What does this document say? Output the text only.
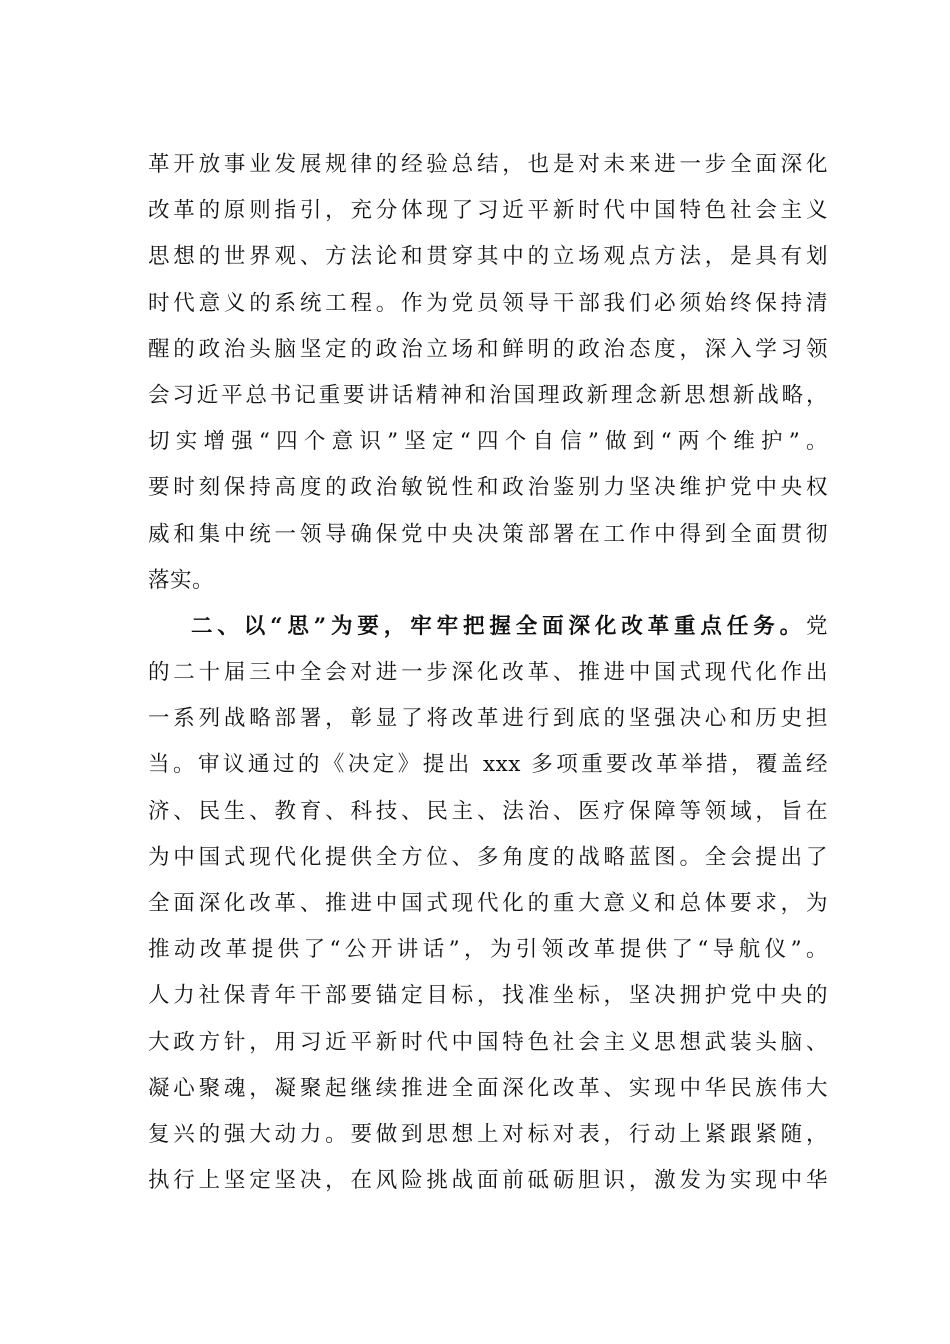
革开放事业发展规律的经验总结，也是对未来进一步全面深化
改革的原则指引，充分体现了习近平新时代中国特色社会主义
思想的世界观、方法论和贯穿其中的立场观点方法，是具有划
时代意义的系统工程。作为党员领导干部我们必须始终保持清
醒的政治头脑坚定的政治立场和鲜明的政治态度，深入学习领
会习近平总书记重要讲话精神和治国理政新理念新思想新战略，
切实增强“四个意识”坚定“四个自信”做到“两个维护”。
要时刻保持高度的政治敏锐性和政治鉴别力坚决维护党中央权
威和集中统一领导确保党中央决策部署在工作中得到全面贯彻
落实。
二、以“思”为要，牢牢把握全面深化改革重点任务。党
的二十届三中全会对进一步深化改革、推进中国式现代化作出
一系列战略部署，彰显了将改革进行到底的坚强决心和历史担
当。审议通过的《决定》提出 xxx 多项重要改革举措，覆盖经
济、民生、教育、科技、民主、法治、医疗保障等领域，旨在
为中国式现代化提供全方位、多角度的战略蓝图。全会提出了
全面深化改革、推进中国式现代化的重大意义和总体要求，为
推动改革提供了“公开讲话”，为引领改革提供了“导航仪”。
人力社保青年干部要锚定目标，找准坐标，坚决拥护党中央的
大政方针，用习近平新时代中国特色社会主义思想武装头脑、
凝心聚魂，凝聚起继续推进全面深化改革、实现中华民族伟大
复兴的强大动力。要做到思想上对标对表，行动上紧跟紧随，
执行上坚定坚决，在风险挑战面前砥砺胆识，激发为实现中华
